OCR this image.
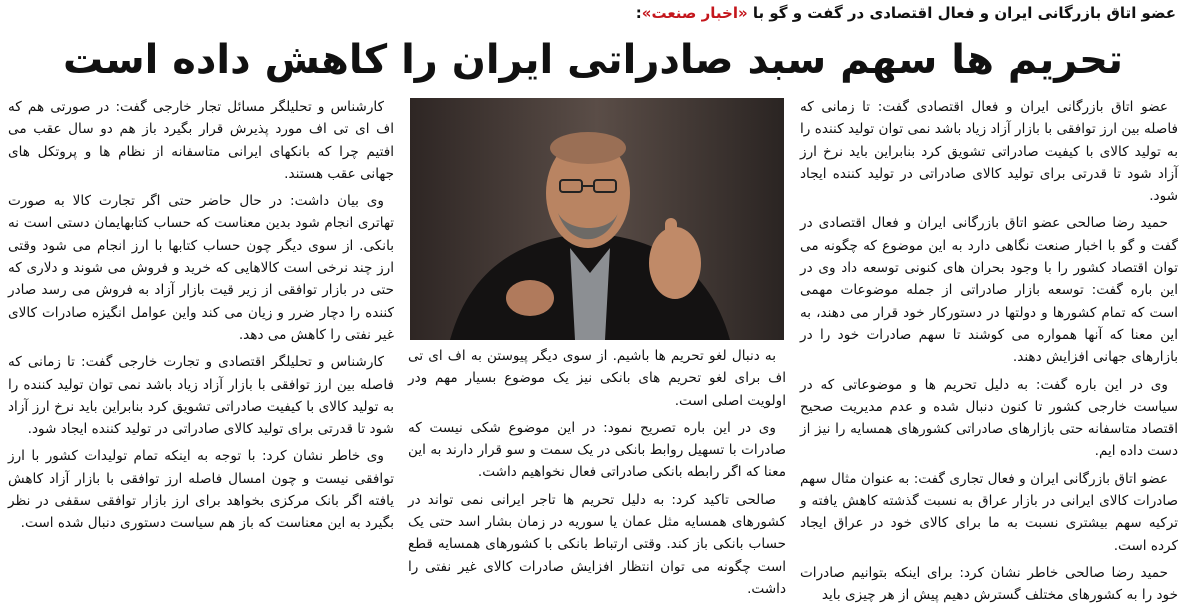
عضو اتاق بازرگانی ایران و فعال اقتصادی در گفت و گو با «اخبار صنعت»:
تحریم ها سهم سبد صادراتی ایران را کاهش داده است

عضو اتاق بازرگانی ایران و فعال اقتصادی گفت: تا زمانی که فاصله بین ارز توافقی با بازار آزاد زیاد باشد نمی توان تولید کننده را به تولید کالای با کیفیت صادراتی تشویق کرد بنابراین باید نرخ ارز آزاد شود تا قدرتی برای تولید کالای صادراتی در تولید کننده ایجاد شود.

حمید رضا صالحی عضو اتاق بازرگانی ایران و فعال اقتصادی در گفت و گو با اخبار صنعت نگاهی دارد به این موضوع که چگونه می توان اقتصاد کشور را با وجود بحران های کنونی توسعه داد وی در این باره گفت: توسعه بازار صادراتی از جمله موضوعات مهمی است که تمام کشورها و دولتها در دستورکار خود قرار می دهند، به این معنا که آنها همواره می کوشند تا سهم صادرات خود را در بازارهای جهانی افزایش دهند.

وی در این باره گفت: به دلیل تحریم ها و موضوعاتی که در سیاست خارجی کشور تا کنون دنبال شده و عدم مدیریت صحیح اقتصاد متاسفانه حتی بازارهای صادراتی کشورهای همسایه را نیز از دست داده ایم.

عضو اتاق بازرگانی ایران و فعال تجاری گفت: به عنوان مثال سهم صادرات کالای ایرانی در بازار عراق به نسبت گذشته کاهش یافته و ترکیه سهم بیشتری نسبت به ما برای کالای خود در عراق ایجاد کرده است.

حمید رضا صالحی خاطر نشان کرد: برای اینکه بتوانیم صادرات خود را به کشورهای مختلف گسترش دهیم پیش از هر چیزی باید

به دنبال لغو تحریم ها باشیم. از سوی دیگر پیوستن به اف ای تی اف برای لغو تحریم های بانکی نیز یک موضوع بسیار مهم ودر اولویت اصلی است.

وی در این باره تصریح نمود: در این موضوع شکی نیست که صادرات با تسهیل روابط بانکی در یک سمت و سو قرار دارند به این معنا که اگر رابطه بانکی صادراتی فعال نخواهیم داشت.

صالحی تاکید کرد: به دلیل تحریم ها تاجر ایرانی نمی تواند در کشورهای همسایه مثل عمان یا سوریه در زمان بشار اسد حتی یک حساب بانکی باز کند. وقتی ارتباط بانکی با کشورهای همسایه قطع است چگونه می توان انتظار افزایش صادرات کالای غیر نفتی را داشت.

کارشناس و تحلیلگر مسائل تجار خارجی گفت: در صورتی هم که اف ای تی اف مورد پذیرش قرار بگیرد باز هم دو سال عقب می افتیم چرا که بانکهای ایرانی متاسفانه از نظام ها و پروتکل های جهانی عقب هستند.

وی بیان داشت: در حال حاضر حتی اگر تجارت کالا به صورت تهاتری انجام شود بدین معناست که حساب کتابهایمان دستی است نه بانکی. از سوی دیگر چون حساب کتابها با ارز انجام می شود وقتی ارز چند نرخی است کالاهایی که خرید و فروش می شوند و دلاری که حتی در بازار توافقی از زیر قیت بازار آزاد به فروش می رسد صادر کننده را دچار ضرر و زیان می کند واین عوامل انگیزه صادرات کالای غیر نفتی را کاهش می دهد.

کارشناس و تحلیلگر اقتصادی و تجارت خارجی گفت: تا زمانی که فاصله بین ارز توافقی با بازار آزاد زیاد باشد نمی توان تولید کننده را به تولید کالای با کیفیت صادراتی تشویق کرد بنابراین باید نرخ ارز آزاد شود تا قدرتی برای تولید کالای صادراتی در تولید کننده ایجاد شود.

وی خاطر نشان کرد: با توجه به اینکه تمام تولیدات کشور با ارز توافقی نیست و چون امسال فاصله ارز توافقی با بازار آزاد کاهش یافته اگر بانک مرکزی بخواهد برای ارز بازار توافقی سقفی در نظر بگیرد به این معناست که باز هم سیاست دستوری دنبال شده است.
